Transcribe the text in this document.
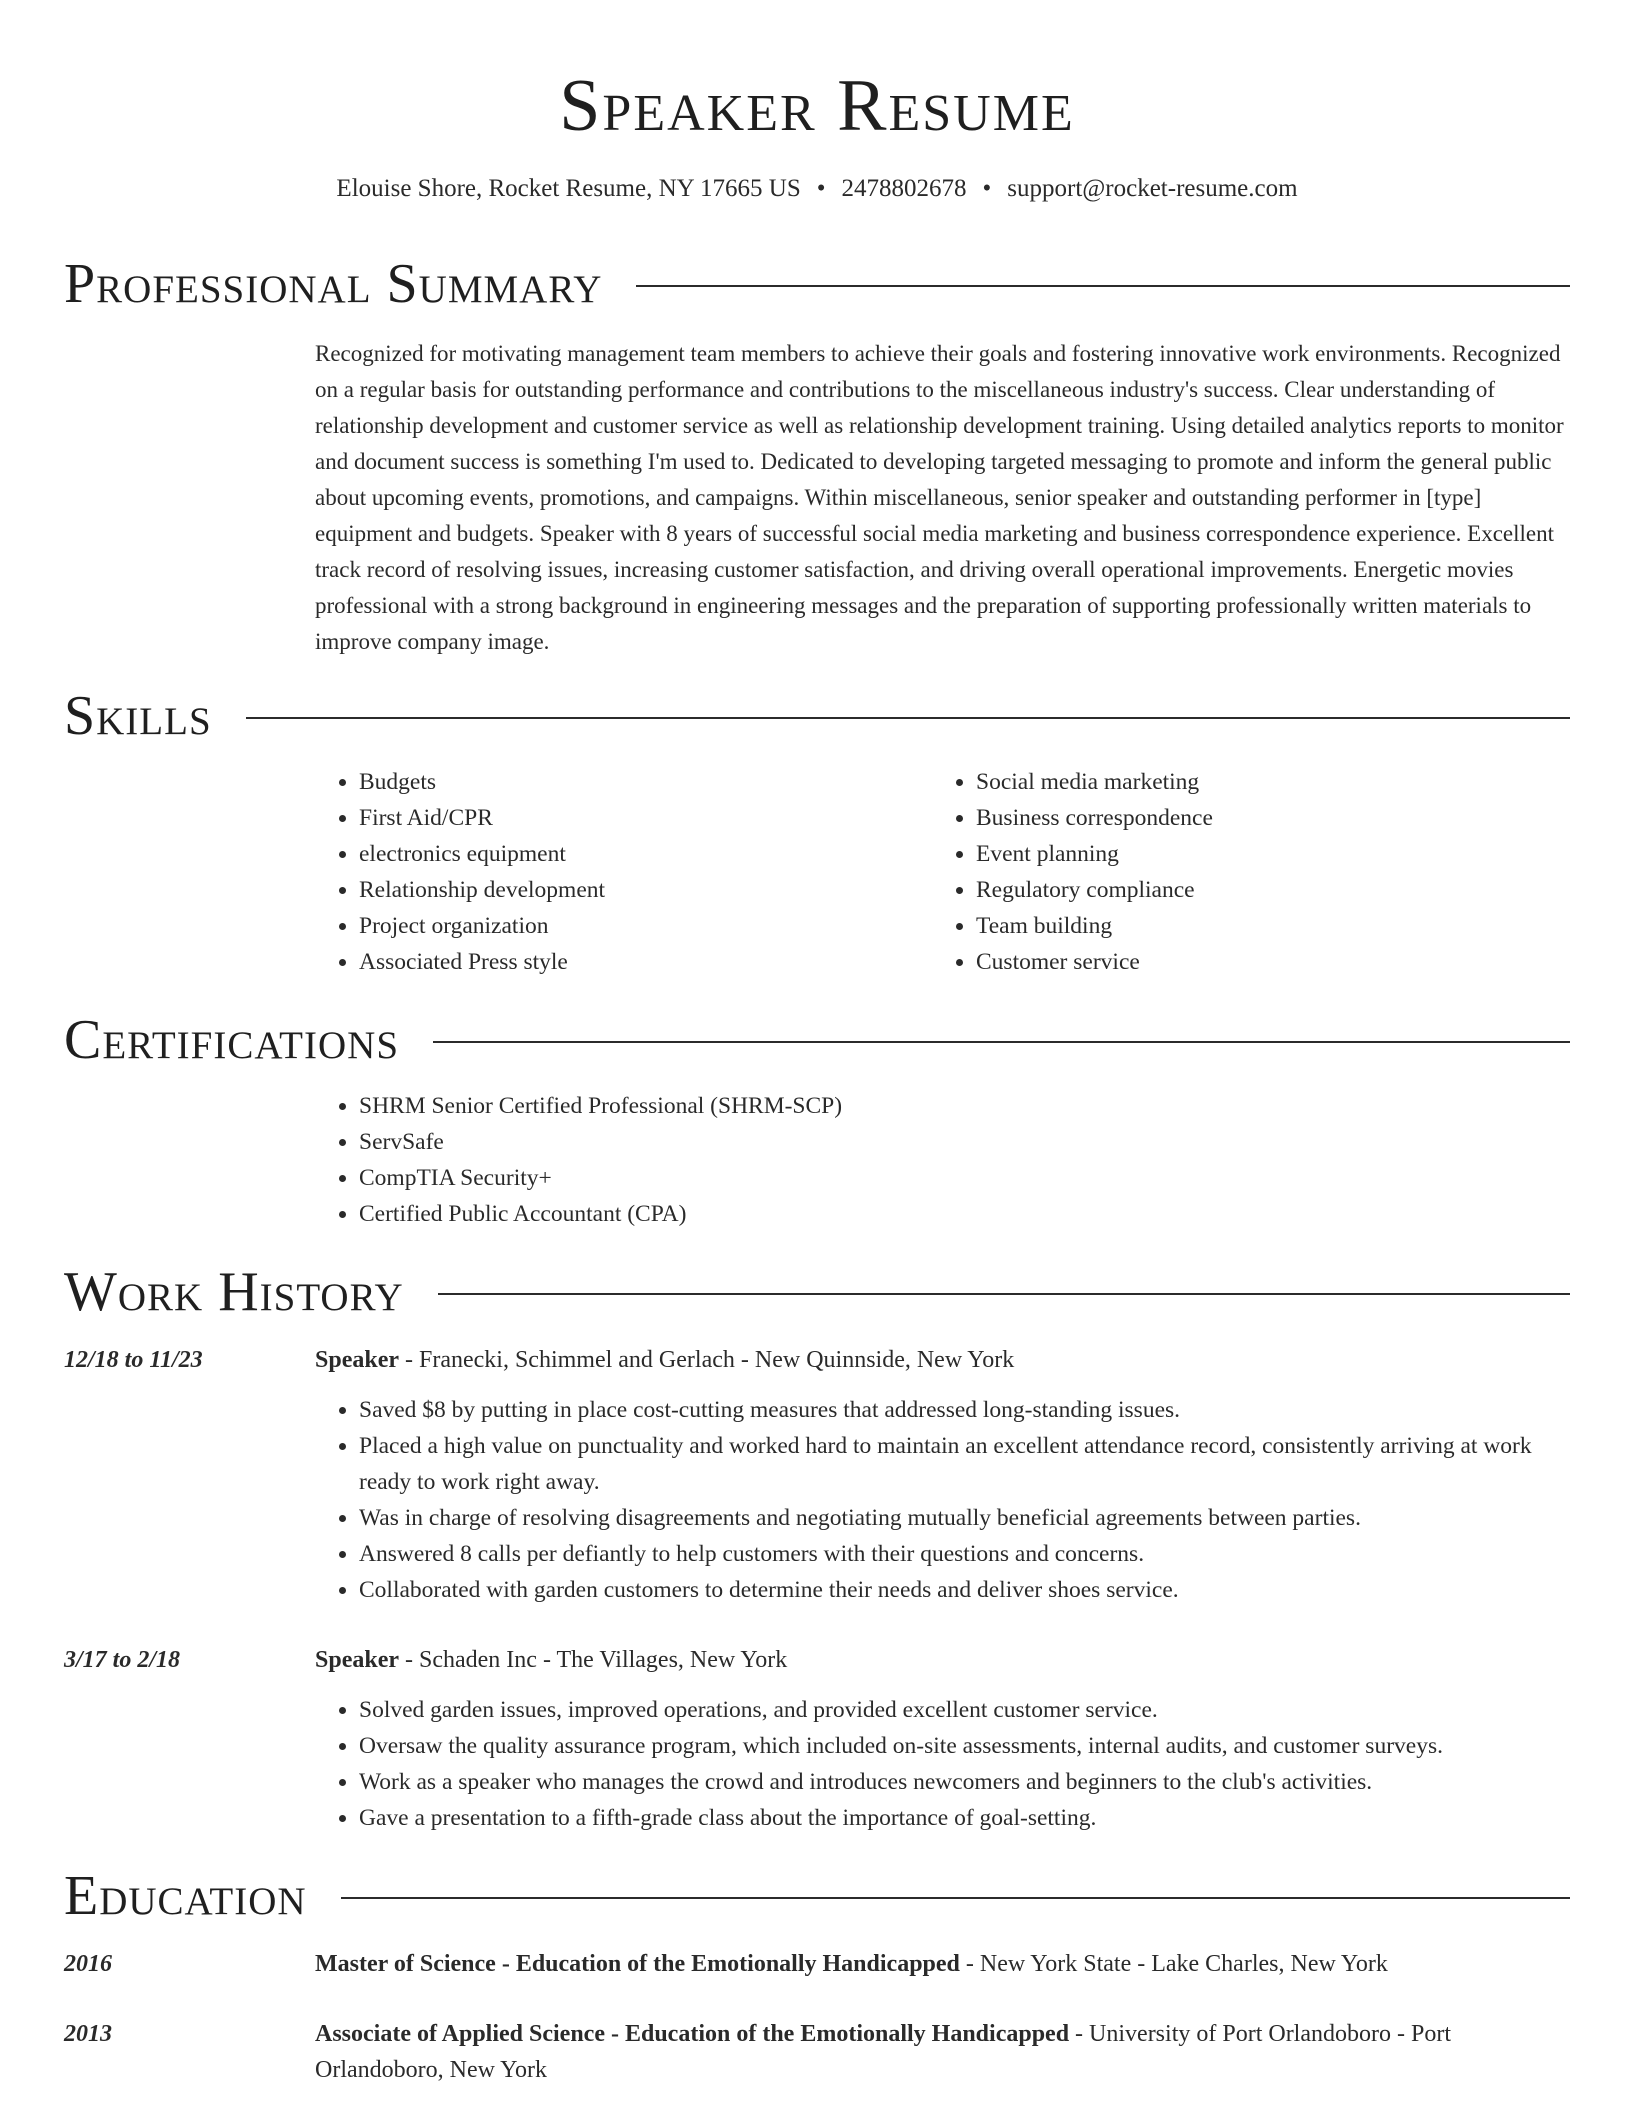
Speaker Resume
Elouise Shore, Rocket Resume, NY 17665 US • 2478802678 • support@rocket-resume.com
Professional Summary
Recognized for motivating management team members to achieve their goals and fostering innovative work environments. Recognized on a regular basis for outstanding performance and contributions to the miscellaneous industry's success. Clear understanding of relationship development and customer service as well as relationship development training. Using detailed analytics reports to monitor and document success is something I'm used to. Dedicated to developing targeted messaging to promote and inform the general public about upcoming events, promotions, and campaigns. Within miscellaneous, senior speaker and outstanding performer in [type] equipment and budgets. Speaker with 8 years of successful social media marketing and business correspondence experience. Excellent track record of resolving issues, increasing customer satisfaction, and driving overall operational improvements. Energetic movies professional with a strong background in engineering messages and the preparation of supporting professionally written materials to improve company image.
Skills
• Budgets
• First Aid/CPR
• electronics equipment
• Relationship development
• Project organization
• Associated Press style
• Social media marketing
• Business correspondence
• Event planning
• Regulatory compliance
• Team building
• Customer service
Certifications
• SHRM Senior Certified Professional (SHRM-SCP)
• ServSafe
• CompTIA Security+
• Certified Public Accountant (CPA)
Work History
12/18 to 11/23	Speaker - Franecki, Schimmel and Gerlach - New Quinnside, New York
• Saved $8 by putting in place cost-cutting measures that addressed long-standing issues.
• Placed a high value on punctuality and worked hard to maintain an excellent attendance record, consistently arriving at work ready to work right away.
• Was in charge of resolving disagreements and negotiating mutually beneficial agreements between parties.
• Answered 8 calls per defiantly to help customers with their questions and concerns.
• Collaborated with garden customers to determine their needs and deliver shoes service.
3/17 to 2/18	Speaker - Schaden Inc - The Villages, New York
• Solved garden issues, improved operations, and provided excellent customer service.
• Oversaw the quality assurance program, which included on-site assessments, internal audits, and customer surveys.
• Work as a speaker who manages the crowd and introduces newcomers and beginners to the club's activities.
• Gave a presentation to a fifth-grade class about the importance of goal-setting.
Education
2016	Master of Science - Education of the Emotionally Handicapped - New York State - Lake Charles, New York
2013	Associate of Applied Science - Education of the Emotionally Handicapped - University of Port Orlandoboro - Port Orlandoboro, New York
